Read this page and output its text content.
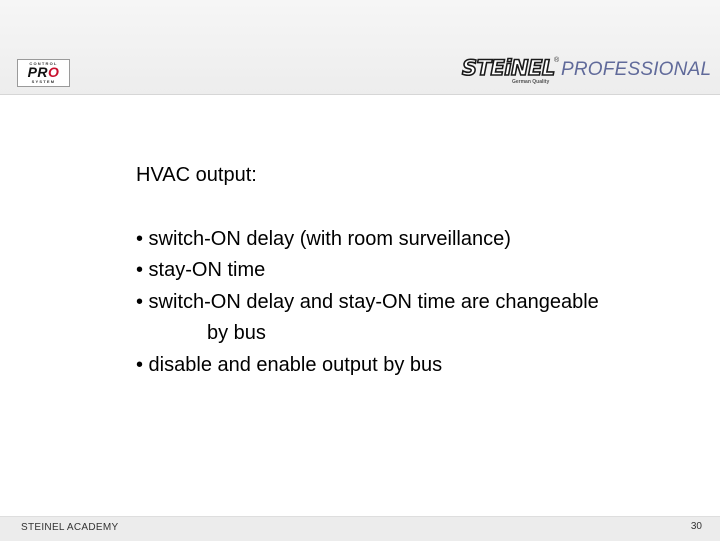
CONTROL
PRO
SYSTEM
STEiNEL ® PROFESSIONAL
German Quality

HVAC output:

• switch-ON delay (with room surveillance)
• stay-ON time
• switch-ON delay and stay-ON time are changeable
by bus
• disable and enable output by bus
STEINEL ACADEMY	30
